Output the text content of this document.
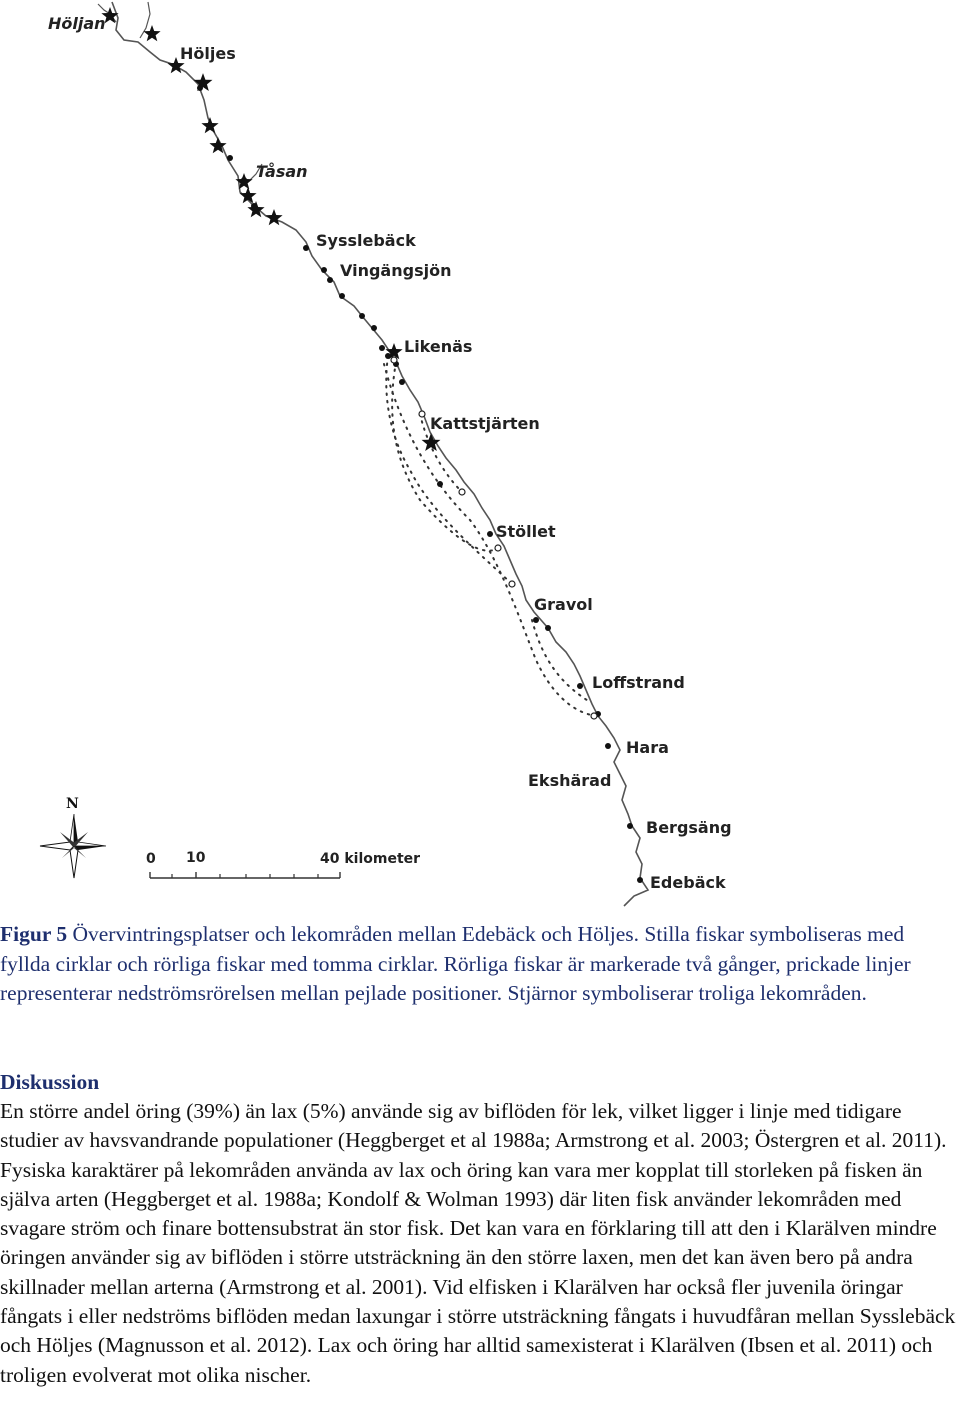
Höljan
Höljes
Tåsan
Sysslebäck
Vingängsjön
Likenäs
Kattstjärten
Stöllet
Gravol
Loffstrand
Hara
Ekshärad
Bergsäng
Edebäck
N
0 10	40 kilometer
Figur 5 Övervintringsplatser och lekområden mellan Edebäck och Höljes. Stilla fiskar symboliseras med fyllda cirklar och rörliga fiskar med tomma cirklar. Rörliga fiskar är markerade två gånger, prickade linjer representerar nedströmsrörelsen mellan pejlade positioner. Stjärnor symboliserar troliga lekområden.
Diskussion

En större andel öring (39%) än lax (5%) använde sig av biflöden för lek, vilket ligger i linje med tidigare studier av havsvandrande populationer (Heggberget et al 1988a; Armstrong et al. 2003; Östergren et al. 2011). Fysiska karaktärer på lekområden använda av lax och öring kan vara mer kopplat till storleken på fisken än själva arten (Heggberget et al. 1988a; Kondolf & Wolman 1993) där liten fisk använder lekområden med svagare ström och finare bottensubstrat än stor fisk. Det kan vara en förklaring till att den i Klarälven mindre öringen använder sig av biflöden i större utsträckning än den större laxen, men det kan även bero på andra skillnader mellan arterna (Armstrong et al. 2001). Vid elfisken i Klarälven har också fler juvenila öringar fångats i eller nedströms biflöden medan laxungar i större utsträckning fångats i huvudfåran mellan Sysslebäck och Höljes (Magnusson et al. 2012). Lax och öring har alltid samexisterat i Klarälven (Ibsen et al. 2011) och troligen evolverat mot olika nischer.
